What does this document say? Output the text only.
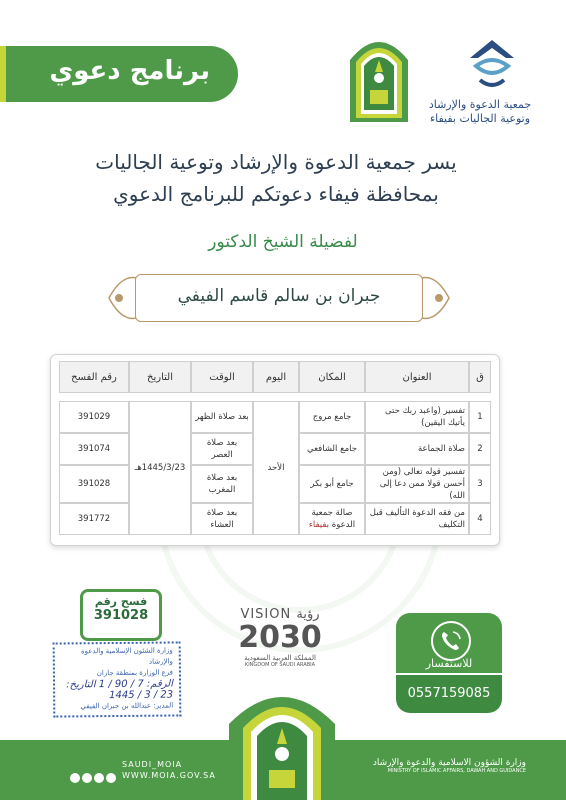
برنامج دعوي
جمعية الدعوة والإرشاد
وتوعية الجاليات بفيفاء
يسر جمعية الدعوة والإرشاد وتوعية الجاليات
بمحافظة فيفاء دعوتكم للبرنامج الدعوي
لفضيلة الشيخ الدكتور
جبران بن سالم قاسم الفيفي
ق	العنوان	المكان	اليوم	الوقت	التاريخ	رقم الفسح

1	تفسير (واعبد ربك حتى يأتيك اليقين)	جامع مروج	الأحد	بعد صلاة الظهر	1445/3/23هـ	391029
2	صلاة الجماعة	جامع الشافعي		بعد صلاة العصر		391074
3	تفسير قوله تعالى (ومن أحسن قولا ممن دعا إلى الله)	جامع أبو بكر		بعد صلاة المغرب		391028
4	من فقه الدعوة التأليف قبل التكليف	صالة جمعية الدعوة بفيفاء		بعد صلاة العشاء		391772
فسح رقم
391028
وزارة الشئون الإسلامية والدعوة والإرشاد
فرع الوزارة بمنطقة جازان
الرقم: 7 / 90 / 1 التاريخ: 23 / 3 / 1445
المدير: عبدالله بن جبران الفيفي
VISION رؤية
2030
المملكة العربية السعودية
KINGDOM OF SAUDI ARABIA	للاستفسار
0557159085
SAUDI_MOIA
WWW.MOIA.GOV.SA
وزارة الشؤون الاسلامية والدعوة والإرشاد
MINISTRY OF ISLAMIC AFFAIRS, DAWAH AND GUIDANCE
